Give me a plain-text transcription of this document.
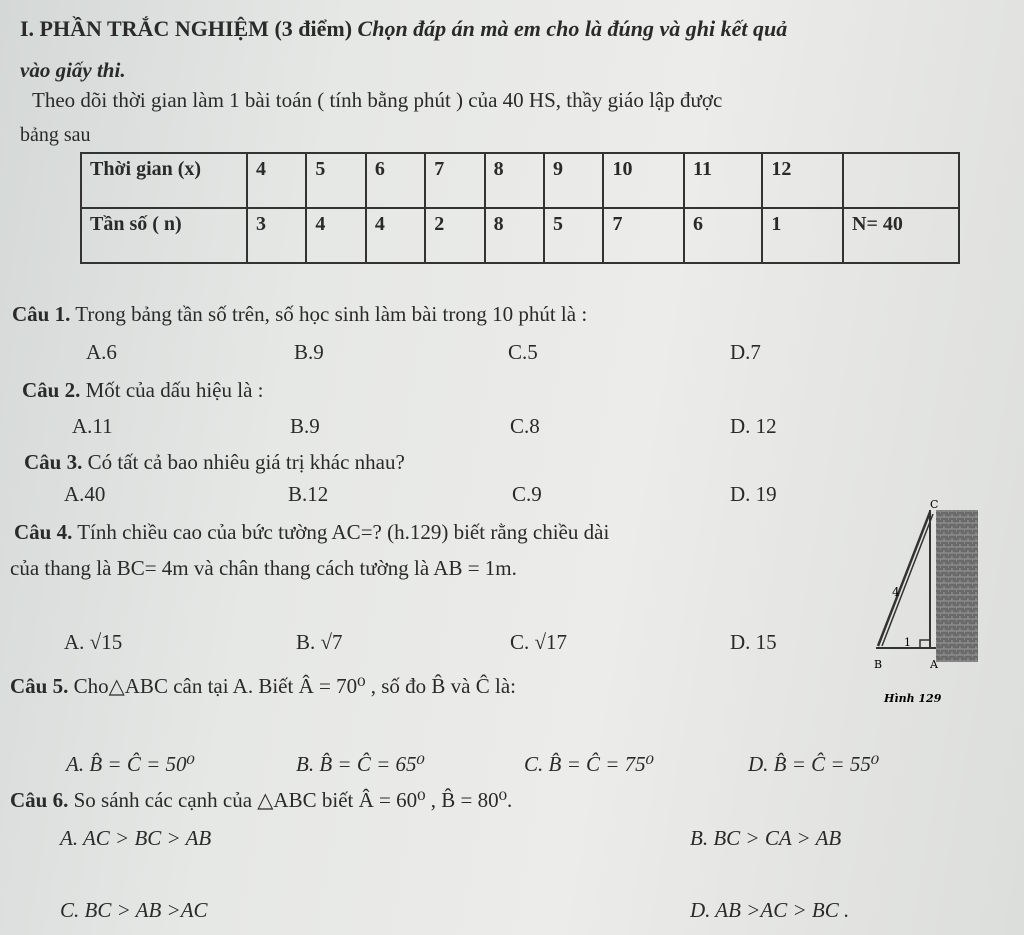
I. PHẦN TRẮC NGHIỆM (3 điểm) Chọn đáp án mà em cho là đúng và ghi kết quả
vào giấy thi.
Theo dõi thời gian làm 1 bài toán ( tính bằng phút ) của 40 HS, thầy giáo lập được
bảng sau
Thời gian (x)	4	5	6	7	8	9	10	11	12	
Tần số ( n)	3	4	4	2	8	5	7	6	1	N= 40
Câu 1. Trong bảng tần số trên, số học sinh làm bài trong 10 phút là :
A.6	B.9	C.5	D.7
Câu 2. Mốt của dấu hiệu là :
A.11	B.9	C.8	D. 12
Câu 3. Có tất cả bao nhiêu giá trị khác nhau?
A.40	B.12	C.9	D. 19
Câu 4. Tính chiều cao của bức tường AC=? (h.129) biết rằng chiều dài
của thang là BC= 4m và chân thang cách tường là AB = 1m.
A. √15	B. √7	C. √17	D. 15
Câu 5. Cho△ABC cân tại A. Biết Â = 70⁰ , số đo B̂ và Ĉ là:
A. B̂ = Ĉ = 50⁰	B. B̂ = Ĉ = 65⁰	C. B̂ = Ĉ = 75⁰	D. B̂ = Ĉ = 55⁰
Câu 6. So sánh các cạnh của △ABC biết Â = 60⁰ , B̂ = 80⁰.
A. AC > BC > AB	B. BC > CA > AB
C. BC > AB >AC	D. AB >AC > BC .
C
4
1
B	A
Hình 129
